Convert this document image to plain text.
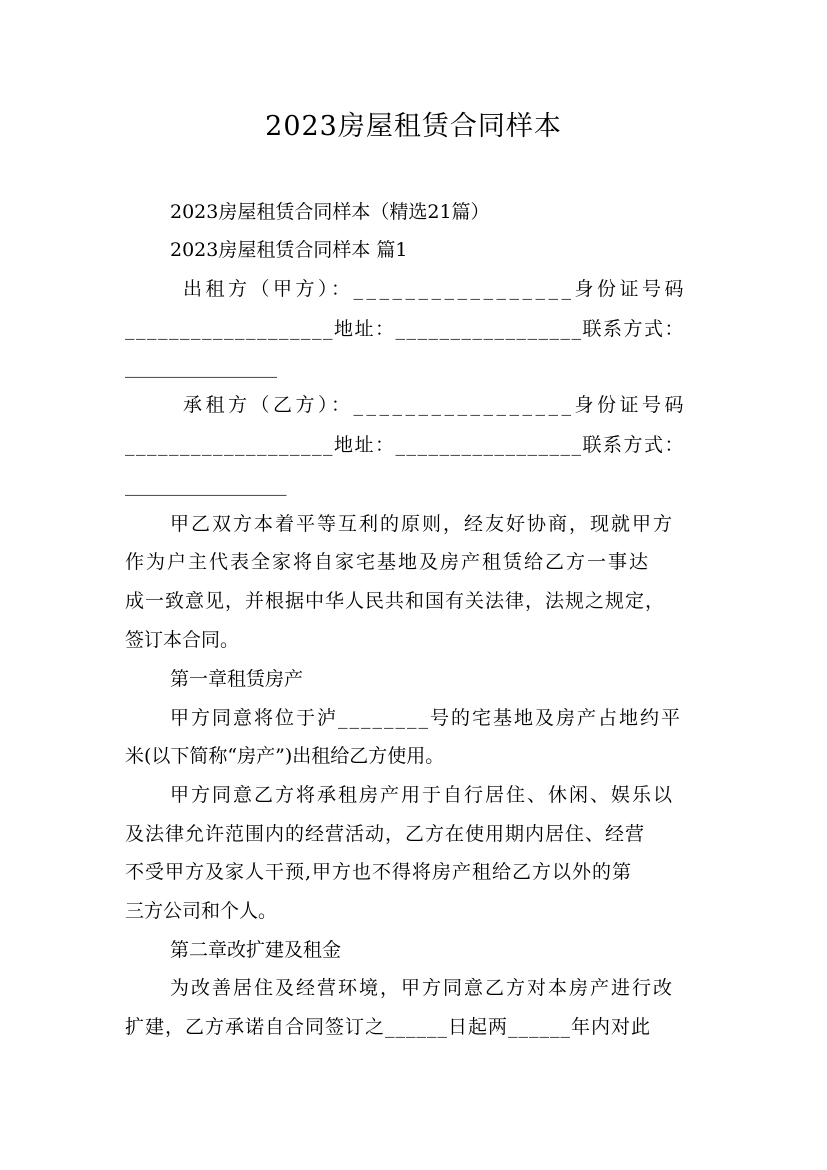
2023房屋租赁合同样本
2023房屋租赁合同样本（精选21篇）
2023房屋租赁合同样本 篇1
出租方（甲方）：_________________身份证号码
___________________地址：_________________联系方式：
________________
承租方（乙方）：_________________身份证号码
___________________地址：_________________联系方式：
_________________
甲乙双方本着平等互利的原则，经友好协商，现就甲方
作为户主代表全家将自家宅基地及房产租赁给乙方一事达
成一致意见，并根据中华人民共和国有关法律，法规之规定，
签订本合同。
第一章租赁房产
甲方同意将位于泸________号的宅基地及房产占地约平
米(以下简称“房产”)出租给乙方使用。
甲方同意乙方将承租房产用于自行居住、休闲、娱乐以
及法律允许范围内的经营活动，乙方在使用期内居住、经营
不受甲方及家人干预,甲方也不得将房产租给乙方以外的第
三方公司和个人。
第二章改扩建及租金
为改善居住及经营环境，甲方同意乙方对本房产进行改
扩建，乙方承诺自合同签订之______日起两______年内对此
